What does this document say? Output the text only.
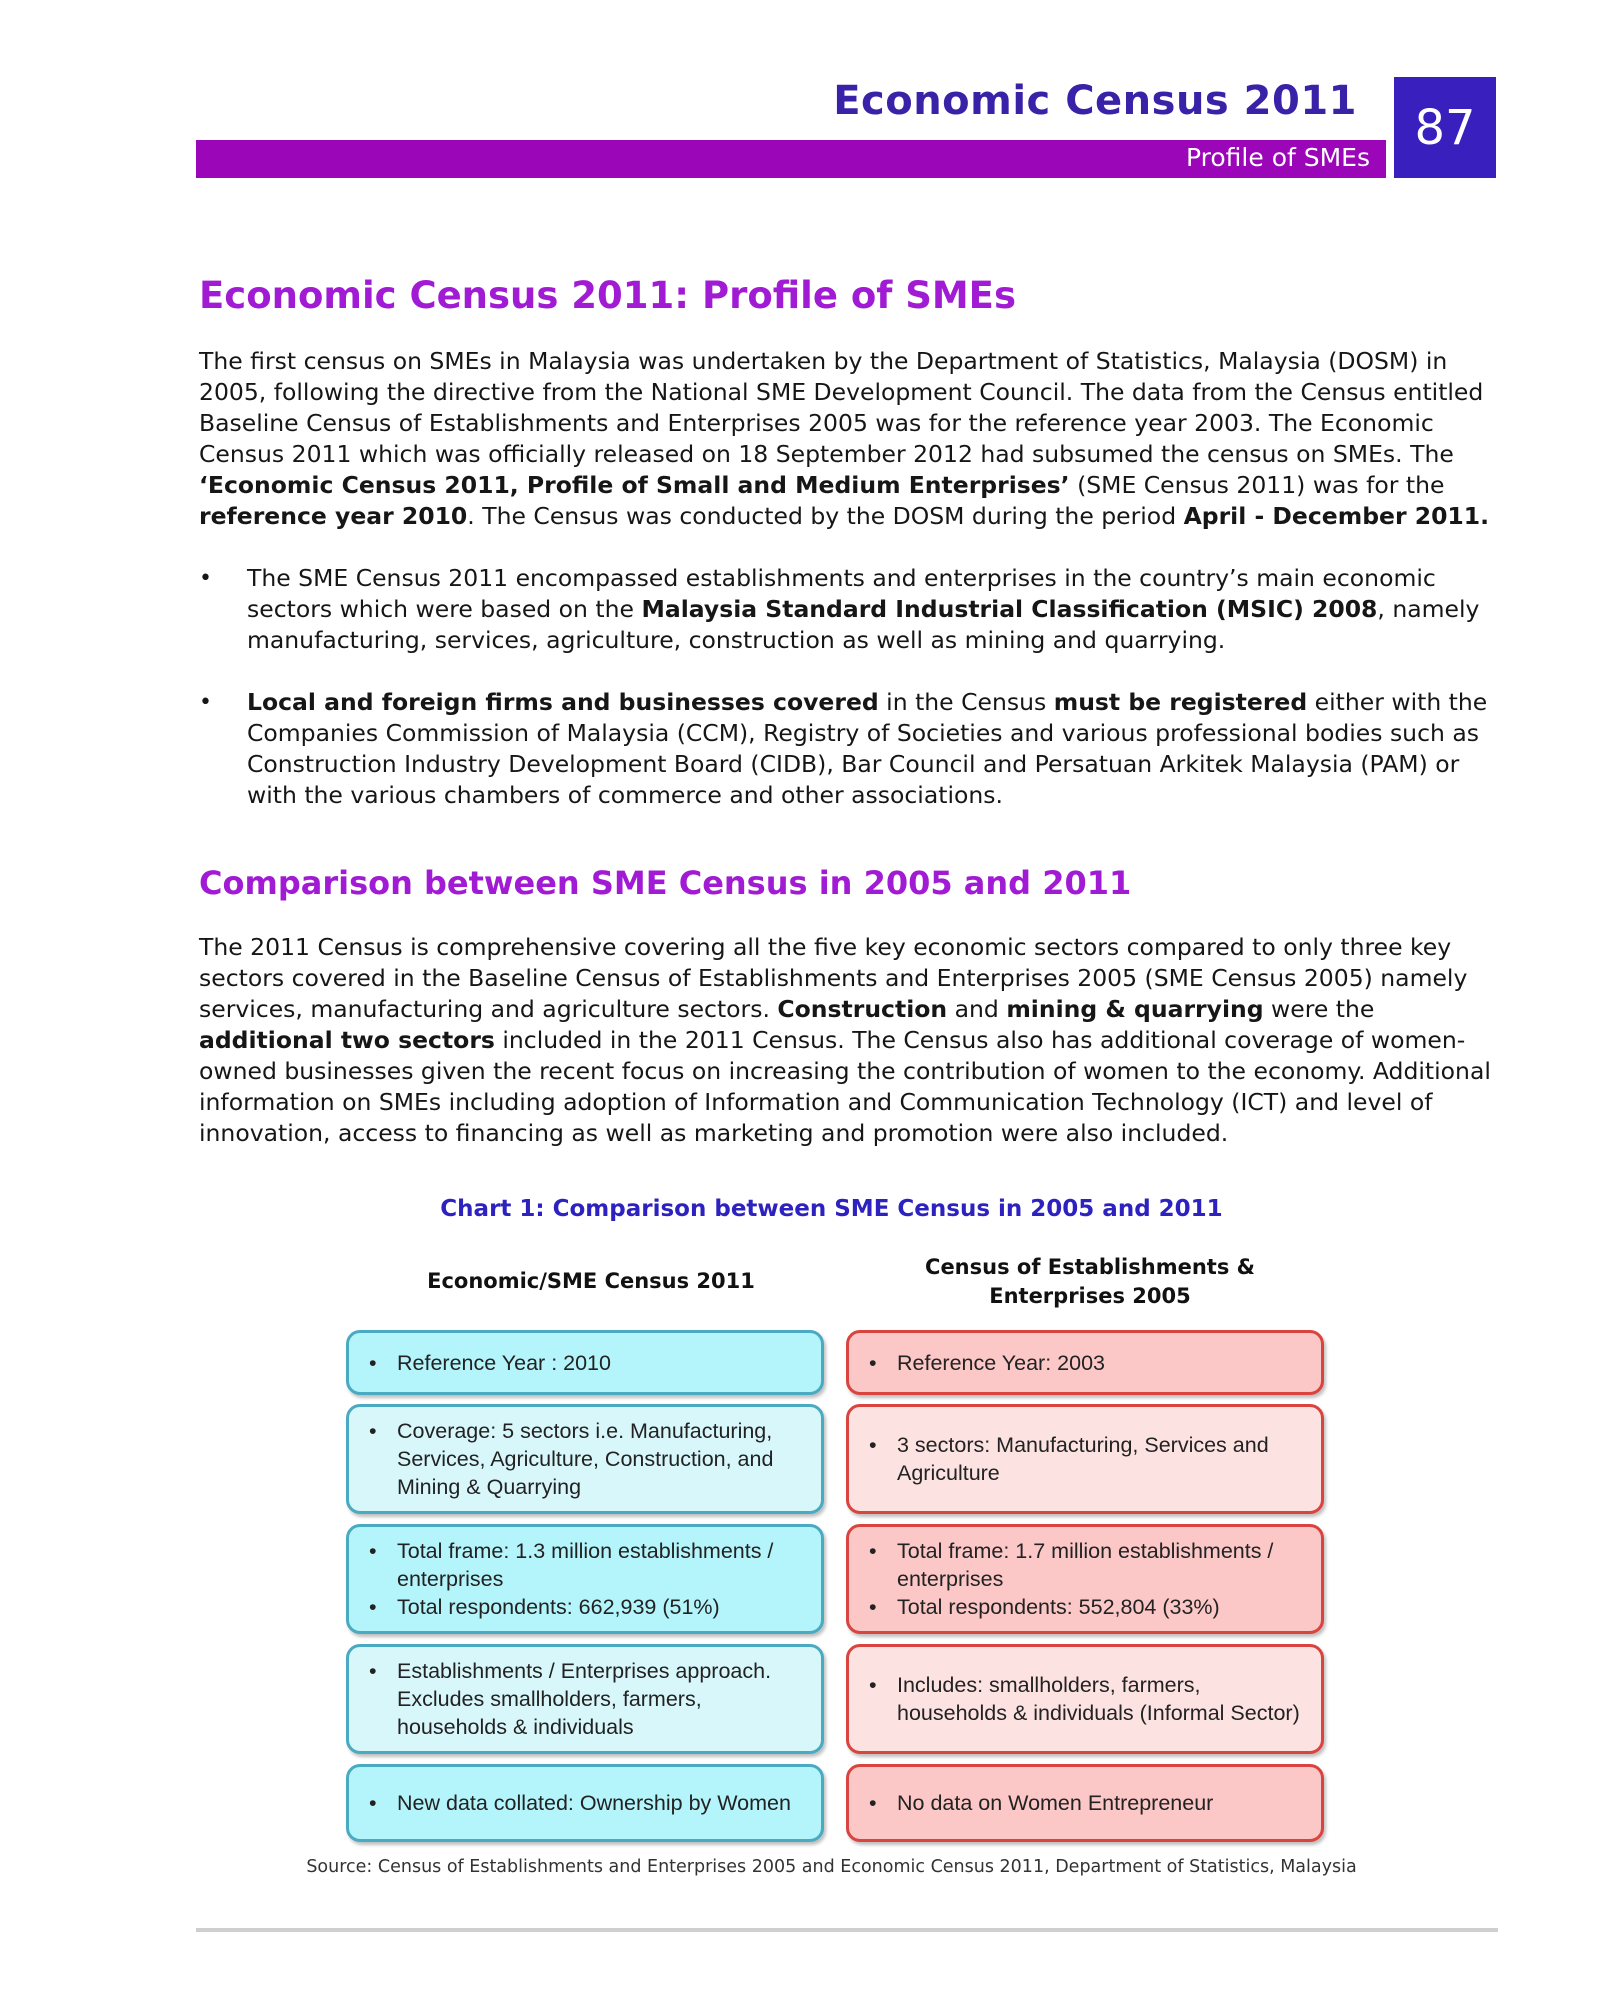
Economic Census 2011
Profile of SMEs
87
Economic Census 2011: Profile of SMEs

The first census on SMEs in Malaysia was undertaken by the Department of Statistics, Malaysia (DOSM) in 2005, following the directive from the National SME Development Council. The data from the Census entitled Baseline Census of Establishments and Enterprises 2005 was for the reference year 2003. The Economic Census 2011 which was officially released on 18 September 2012 had subsumed the census on SMEs. The ‘Economic Census 2011, Profile of Small and Medium Enterprises’ (SME Census 2011) was for the reference year 2010. The Census was conducted by the DOSM during the period April - December 2011.

• The SME Census 2011 encompassed establishments and enterprises in the country’s main economic sectors which were based on the Malaysia Standard Industrial Classification (MSIC) 2008, namely manufacturing, services, agriculture, construction as well as mining and quarrying.
• Local and foreign firms and businesses covered in the Census must be registered either with the Companies Commission of Malaysia (CCM), Registry of Societies and various professional bodies such as Construction Industry Development Board (CIDB), Bar Council and Persatuan Arkitek Malaysia (PAM) or with the various chambers of commerce and other associations.
Comparison between SME Census in 2005 and 2011

The 2011 Census is comprehensive covering all the five key economic sectors compared to only three key sectors covered in the Baseline Census of Establishments and Enterprises 2005 (SME Census 2005) namely services, manufacturing and agriculture sectors. Construction and mining & quarrying were the additional two sectors included in the 2011 Census. The Census also has additional coverage of women-owned businesses given the recent focus on increasing the contribution of women to the economy. Additional information on SMEs including adoption of Information and Communication Technology (ICT) and level of innovation, access to financing as well as marketing and promotion were also included.

Chart 1: Comparison between SME Census in 2005 and 2011
Economic/SME Census 2011
Census of Establishments &
Enterprises 2005
• Reference Year : 2010
• Coverage: 5 sectors i.e. Manufacturing, Services, Agriculture, Construction, and Mining & Quarrying
• Total frame: 1.3 million establishments / enterprises
• Total respondents: 662,939 (51%)
• Establishments / Enterprises approach. Excludes smallholders, farmers, households & individuals
• New data collated: Ownership by Women
• Reference Year: 2003
• 3 sectors: Manufacturing, Services and Agriculture
• Total frame: 1.7 million establishments / enterprises
• Total respondents: 552,804 (33%)
• Includes: smallholders, farmers, households & individuals (Informal Sector)
• No data on Women Entrepreneur
Source: Census of Establishments and Enterprises 2005 and Economic Census 2011, Department of Statistics, Malaysia
